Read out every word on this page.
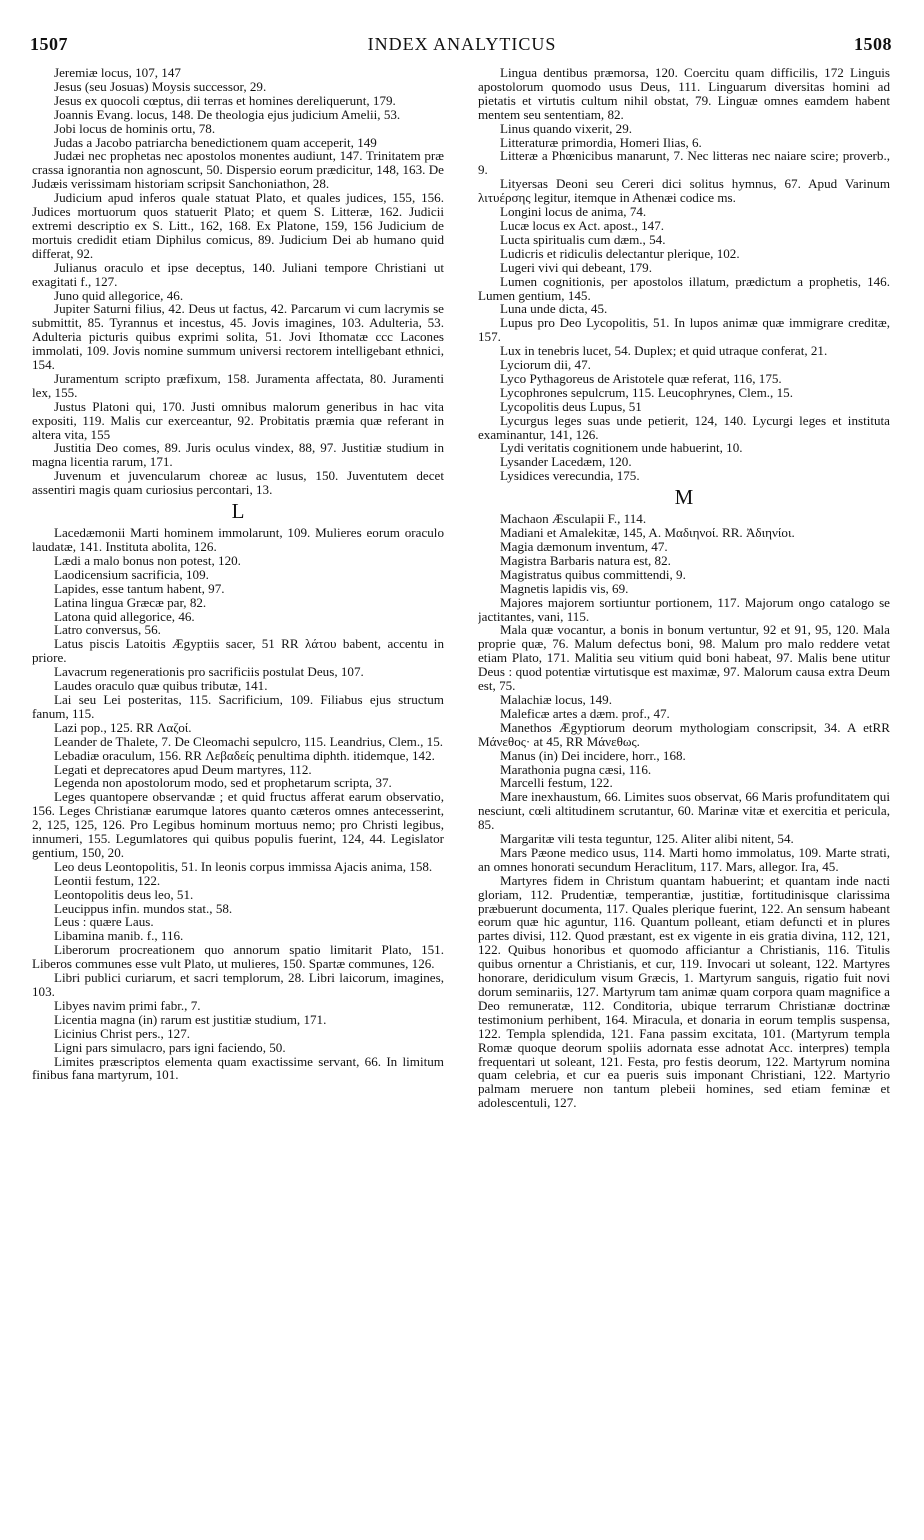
1507	INDEX ANALYTICUS	1508

Jeremiæ locus, 107, 147

Jesus (seu Josuas) Moysis successor, 29.

Jesus ex quocoli cœptus, dii terras et homines dereliquerunt, 179.

Joannis Evang. locus, 148. De theologia ejus judicium Amelii, 53.

Jobi locus de hominis ortu, 78.

Judas a Jacobo patriarcha benedictionem quam acceperit, 149

Judæi nec prophetas nec apostolos monentes audiunt, 147. Trinitatem præ crassa ignorantia non agnoscunt, 50. Dispersio eorum prædicitur, 148, 163. De Judæis verissimam historiam scripsit Sanchoniathon, 28.

Judicium apud inferos quale statuat Plato, et quales judices, 155, 156. Judices mortuorum quos statuerit Plato; et quem S. Litteræ, 162. Judicii extremi descriptio ex S. Litt., 162, 168. Ex Platone, 159, 156 Judicium de mortuis credidit etiam Diphilus comicus, 89. Judicium Dei ab humano quid differat, 92.

Julianus oraculo et ipse deceptus, 140. Juliani tempore Christiani ut exagitati f., 127.

Juno quid allegorice, 46.

Jupiter Saturni filius, 42. Deus ut factus, 42. Parcarum vi cum lacrymis se submittit, 85. Tyrannus et incestus, 45. Jovis imagines, 103. Adulteria, 53. Adulteria picturis quibus exprimi solita, 51. Jovi Ithomatæ ccc Lacones immolati, 109. Jovis nomine summum universi rectorem intelligebant ethnici, 154.

Juramentum scripto præfixum, 158. Juramenta affectata, 80. Juramenti lex, 155.

Justus Platoni qui, 170. Justi omnibus malorum generibus in hac vita expositi, 119. Malis cur exerceantur, 92. Probitatis præmia quæ referant in altera vita, 155

Justitia Deo comes, 89. Juris oculus vindex, 88, 97. Justitiæ studium in magna licentia rarum, 171.

Juvenum et juvencularum choreæ ac lusus, 150. Juventutem decet assentiri magis quam curiosius percontari, 13.

L

Lacedæmonii Marti hominem immolarunt, 109. Mulieres eorum oraculo laudatæ, 141. Instituta abolita, 126.

Lædi a malo bonus non potest, 120.

Laodicensium sacrificia, 109.

Lapides, esse tantum habent, 97.

Latina lingua Græcæ par, 82.

Latona quid allegorice, 46.

Latro conversus, 56.

Latus piscis Latoitis Ægyptiis sacer, 51 RR λάτου babent, accentu in priore.

Lavacrum regenerationis pro sacrificiis postulat Deus, 107.

Laudes oraculo quæ quibus tributæ, 141.

Lai seu Lei posteritas, 115. Sacrificium, 109. Filiabus ejus structum fanum, 115.

Lazi pop., 125. RR Λαζοί.

Leander de Thalete, 7. De Cleomachi sepulcro, 115. Leandrius, Clem., 15.

Lebadiæ oraculum, 156. RR Λεβαδείς penultima diphth. itidemque, 142.

Legati et deprecatores apud Deum martyres, 112.

Legenda non apostolorum modo, sed et prophetarum scripta, 37.

Leges quantopere observandæ ; et quid fructus afferat earum observatio, 156. Leges Christianæ earumque latores quanto cæteros omnes antecesserint, 2, 125, 125, 126. Pro Legibus hominum mortuus nemo; pro Christi legibus, innumeri, 155. Legumlatores qui quibus populis fuerint, 124, 44. Legislator gentium, 150, 20.

Leo deus Leontopolitis, 51. In leonis corpus immissa Ajacis anima, 158.

Leontii festum, 122.

Leontopolitis deus leo, 51.

Leucippus infin. mundos stat., 58.

Leus : quære Laus.

Libamina manib. f., 116.

Liberorum procreationem quo annorum spatio limitarit Plato, 151. Liberos communes esse vult Plato, ut mulieres, 150. Spartæ communes, 126.

Libri publici curiarum, et sacri templorum, 28. Libri laicorum, imagines, 103.

Libyes navim primi fabr., 7.

Licentia magna (in) rarum est justitiæ studium, 171.

Licinius Christ pers., 127.

Ligni pars simulacro, pars igni faciendo, 50.

Limites præscriptos elementa quam exactissime servant, 66. In limitum finibus fana martyrum, 101.

Lingua dentibus præmorsa, 120. Coercitu quam difficilis, 172 Linguis apostolorum quomodo usus Deus, 111. Linguarum diversitas homini ad pietatis et virtutis cultum nihil obstat, 79. Linguæ omnes eamdem habent mentem seu sententiam, 82.

Linus quando vixerit, 29.

Litteraturæ primordia, Homeri Ilias, 6.

Litteræ a Phœnicibus manarunt, 7. Nec litteras nec naiare scire; proverb., 9.

Lityersas Deoni seu Cereri dici solitus hymnus, 67. Apud Varinum λιτυέρσης legitur, itemque in Athenæi codice ms.

Longini locus de anima, 74.

Lucæ locus ex Act. apost., 147.

Lucta spiritualis cum dæm., 54.

Ludicris et ridiculis delectantur plerique, 102.

Lugeri vivi qui debeant, 179.

Lumen cognitionis, per apostolos illatum, prædictum a prophetis, 146. Lumen gentium, 145.

Luna unde dicta, 45.

Lupus pro Deo Lycopolitis, 51. In lupos animæ quæ immigrare creditæ, 157.

Lux in tenebris lucet, 54. Duplex; et quid utraque conferat, 21.

Lyciorum dii, 47.

Lyco Pythagoreus de Aristotele quæ referat, 116, 175.

Lycophrones sepulcrum, 115. Leucophrynes, Clem., 15.

Lycopolitis deus Lupus, 51

Lycurgus leges suas unde petierit, 124, 140. Lycurgi leges et instituta examinantur, 141, 126.

Lydi veritatis cognitionem unde habuerint, 10.

Lysander Lacedæm, 120.

Lysidices verecundia, 175.

M

Machaon Æsculapii F., 114.

Madiani et Amalekitæ, 145, A. Μαδιηνοί. RR. Ἀδιηνίοι.

Magia dæmonum inventum, 47.

Magistra Barbaris natura est, 82.

Magistratus quibus committendi, 9.

Magnetis lapidis vis, 69.

Majores majorem sortiuntur portionem, 117. Majorum ongo catalogo se jactitantes, vani, 115.

Mala quæ vocantur, a bonis in bonum vertuntur, 92 et 91, 95, 120. Mala proprie quæ, 76. Malum defectus boni, 98. Malum pro malo reddere vetat etiam Plato, 171. Malitia seu vitium quid boni habeat, 97. Malis bene utitur Deus : quod potentiæ virtutisque est maximæ, 97. Malorum causa extra Deum est, 75.

Malachiæ locus, 149.

Maleficæ artes a dæm. prof., 47.

Manethos Ægyptiorum deorum mythologiam conscripsit, 34. A etRR Μάνεθος· at 45, RR Μάνεθως.

Manus (in) Dei incidere, horr., 168.

Marathonia pugna cæsi, 116.

Marcelli festum, 122.

Mare inexhaustum, 66. Limites suos observat, 66 Maris profunditatem qui nesciunt, cœli altitudinem scrutantur, 60. Marinæ vitæ et exercitia et pericula, 85.

Margaritæ vili testa teguntur, 125. Aliter alibi nitent, 54.

Mars Pæone medico usus, 114. Marti homo immolatus, 109. Marte strati, an omnes honorati secundum Heraclitum, 117. Mars, allegor. Ira, 45.

Martyres fidem in Christum quantam habuerint; et quantam inde nacti gloriam, 112. Prudentiæ, temperantiæ, justitiæ, fortitudinisque clarissima præbuerunt documenta, 117. Quales plerique fuerint, 122. An sensum habeant eorum quæ hic aguntur, 116. Quantum polleant, etiam defuncti et in plures partes divisi, 112. Quod præstant, est ex vigente in eis gratia divina, 112, 121, 122. Quibus honoribus et quomodo afficiantur a Christianis, 116. Titulis quibus ornentur a Christianis, et cur, 119. Invocari ut soleant, 122. Martyres honorare, deridiculum visum Græcis, 1. Martyrum sanguis, rigatio fuit novi dorum seminariis, 127. Martyrum tam animæ quam corpora quam magnifice a Deo remuneratæ, 112. Conditoria, ubique terrarum Christianæ doctrinæ testimonium perhibent, 164. Miracula, et donaria in eorum templis suspensa, 122. Templa splendida, 121. Fana passim excitata, 101. (Martyrum templa Romæ quoque deorum spoliis adornata esse adnotat Acc. interpres) templa frequentari ut soleant, 121. Festa, pro festis deorum, 122. Martyrum nomina quam celebria, et cur ea pueris suis imponant Christiani, 122. Martyrio palmam meruere non tantum plebeii homines, sed etiam feminæ et adolescentuli, 127.
